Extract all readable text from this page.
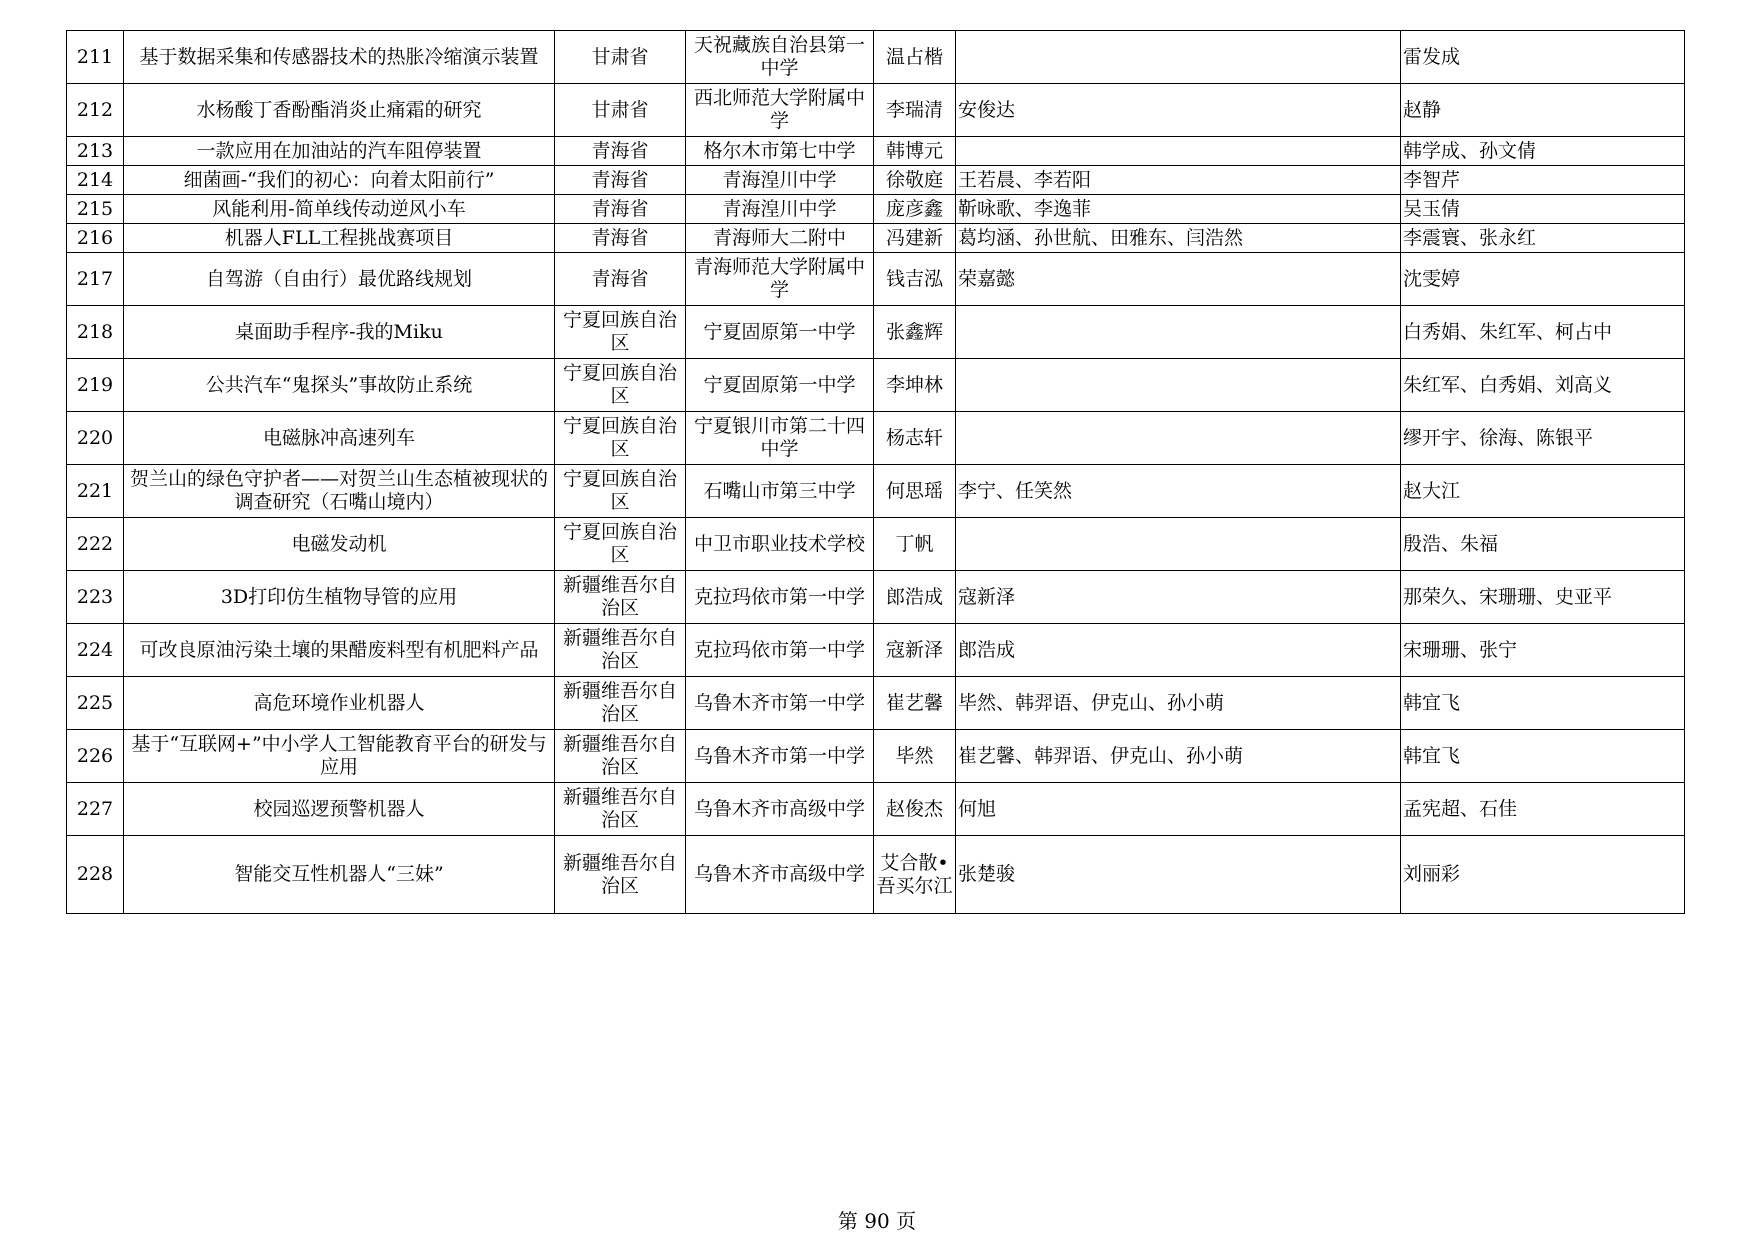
211	基于数据采集和传感器技术的热胀冷缩演示装置	甘肃省	天祝藏族自治县第一中学	温占楷		雷发成
212	水杨酸丁香酚酯消炎止痛霜的研究	甘肃省	西北师范大学附属中学	李瑞清	安俊达	赵静
213	一款应用在加油站的汽车阻停装置	青海省	格尔木市第七中学	韩博元		韩学成、孙文倩
214	细菌画-“我们的初心：向着太阳前行”	青海省	青海湟川中学	徐敬庭	王若晨、李若阳	李智芹
215	风能利用-简单线传动逆风小车	青海省	青海湟川中学	庞彦鑫	靳咏歌、李逸菲	吴玉倩
216	机器人FLL工程挑战赛项目	青海省	青海师大二附中	冯建新	葛均涵、孙世航、田雅东、闫浩然	李震寰、张永红
217	自驾游（自由行）最优路线规划	青海省	青海师范大学附属中学	钱吉泓	荣嘉懿	沈雯婷
218	桌面助手程序-我的Miku	宁夏回族自治区	宁夏固原第一中学	张鑫辉		白秀娟、朱红军、柯占中
219	公共汽车“鬼探头”事故防止系统	宁夏回族自治区	宁夏固原第一中学	李坤林		朱红军、白秀娟、刘高义
220	电磁脉冲高速列车	宁夏回族自治区	宁夏银川市第二十四中学	杨志轩		缪开宇、徐海、陈银平
221	贺兰山的绿色守护者——对贺兰山生态植被现状的调查研究（石嘴山境内）	宁夏回族自治区	石嘴山市第三中学	何思瑶	李宁、任笑然	赵大江
222	电磁发动机	宁夏回族自治区	中卫市职业技术学校	丁帆		殷浩、朱福
223	3D打印仿生植物导管的应用	新疆维吾尔自治区	克拉玛依市第一中学	郎浩成	寇新泽	那荣久、宋珊珊、史亚平
224	可改良原油污染土壤的果醋废料型有机肥料产品	新疆维吾尔自治区	克拉玛依市第一中学	寇新泽	郎浩成	宋珊珊、张宁
225	高危环境作业机器人	新疆维吾尔自治区	乌鲁木齐市第一中学	崔艺馨	毕然、韩羿语、伊克山、孙小萌	韩宜飞
226	基于“互联网+”中小学人工智能教育平台的研发与应用	新疆维吾尔自治区	乌鲁木齐市第一中学	毕然	崔艺馨、韩羿语、伊克山、孙小萌	韩宜飞
227	校园巡逻预警机器人	新疆维吾尔自治区	乌鲁木齐市高级中学	赵俊杰	何旭	孟宪超、石佳
228	智能交互性机器人“三妹”	新疆维吾尔自治区	乌鲁木齐市高级中学	艾合散•吾买尔江	张楚骏	刘丽彩
第 90 页
